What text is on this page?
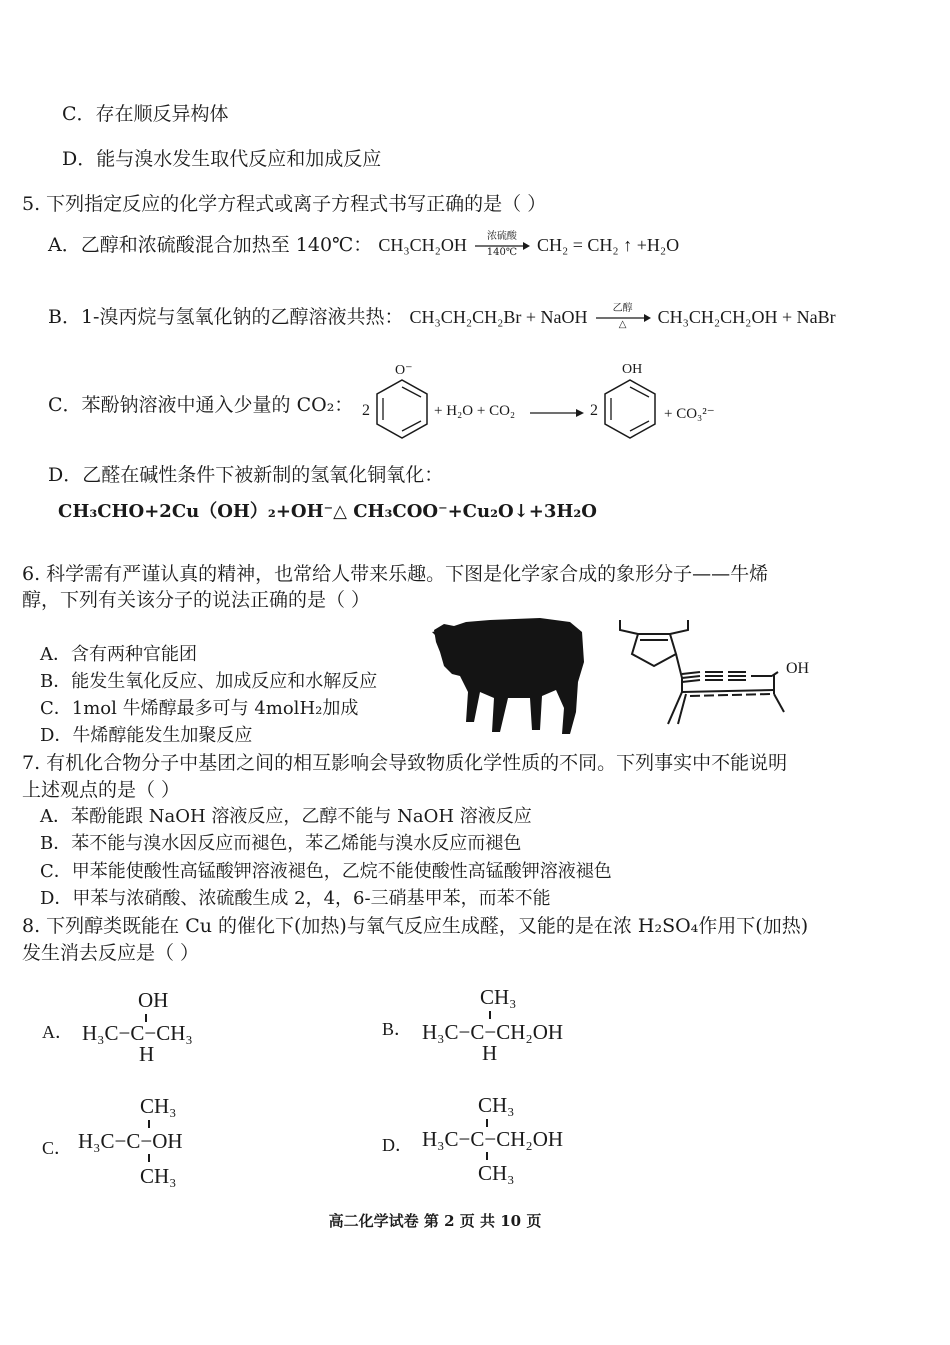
C．存在顺反异构体
D．能与溴水发生取代反应和加成反应
5. 下列指定反应的化学方程式或离子方程式书写正确的是（ ）
A．乙醇和浓硫酸混合加热至 140℃： CH₃CH₂OH	浓硫酸
140℃	CH₂ = CH₂ ↑ +H₂O
B．1-溴丙烷与氢氧化钠的乙醇溶液共热： CH₃CH₂CH₂Br + NaOH	乙醇
△	CH₃CH₂CH₂OH + NaBr
C．苯酚钠溶液中通入少量的 CO₂： 2
O⁻
+ H₂O + CO₂	2
OH
+ CO₃²⁻
D．乙醛在碱性条件下被新制的氢氧化铜氧化：
CH₃CHO+2Cu（OH）₂+OH⁻△ CH₃COO⁻+Cu₂O↓+3H₂O
6. 科学需有严谨认真的精神，也常给人带来乐趣。下图是化学家合成的象形分子——牛烯
醇，下列有关该分子的说法正确的是（ ）
A．含有两种官能团
B．能发生氧化反应、加成反应和水解反应
C．1mol 牛烯醇最多可与 4molH₂加成
D．牛烯醇能发生加聚反应
OH
7. 有机化合物分子中基团之间的相互影响会导致物质化学性质的不同。下列事实中不能说明
上述观点的是（ ）
A．苯酚能跟 NaOH 溶液反应，乙醇不能与 NaOH 溶液反应
B．苯不能与溴水因反应而褪色，苯乙烯能与溴水反应而褪色
C．甲苯能使酸性高锰酸钾溶液褪色，乙烷不能使酸性高锰酸钾溶液褪色
D．甲苯与浓硝酸、浓硫酸生成 2，4，6-三硝基甲苯，而苯不能
8. 下列醇类既能在 Cu 的催化下(加热)与氧气反应生成醛，又能的是在浓 H₂SO₄作用下(加热)
发生消去反应是（ ）
A．
OH
H₃C−C−CH₃
H
B．
CH₃
H₃C−C−CH₂OH
H
C．
CH₃
H₃C−C−OH
CH₃
D．
CH₃
H₃C−C−CH₂OH
CH₃
高二化学试卷 第 2 页 共 10 页
